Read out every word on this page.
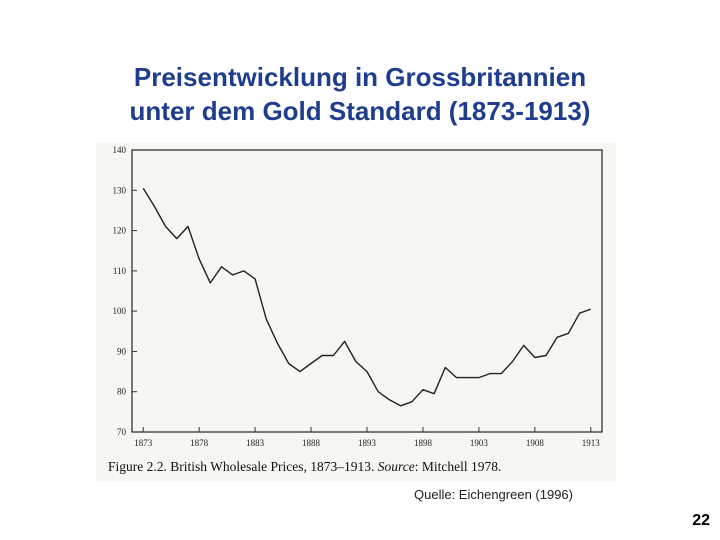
Preisentwicklung in Grossbritannien
unter dem Gold Standard (1873-1913)
70
80
90
100
110
120
130
140
1873	1878	1883	1888	1893	1898	1903	1908	1913
Figure 2.2. British Wholesale Prices, 1873–1913. Source: Mitchell 1978.
Quelle: Eichengreen (1996)
22
